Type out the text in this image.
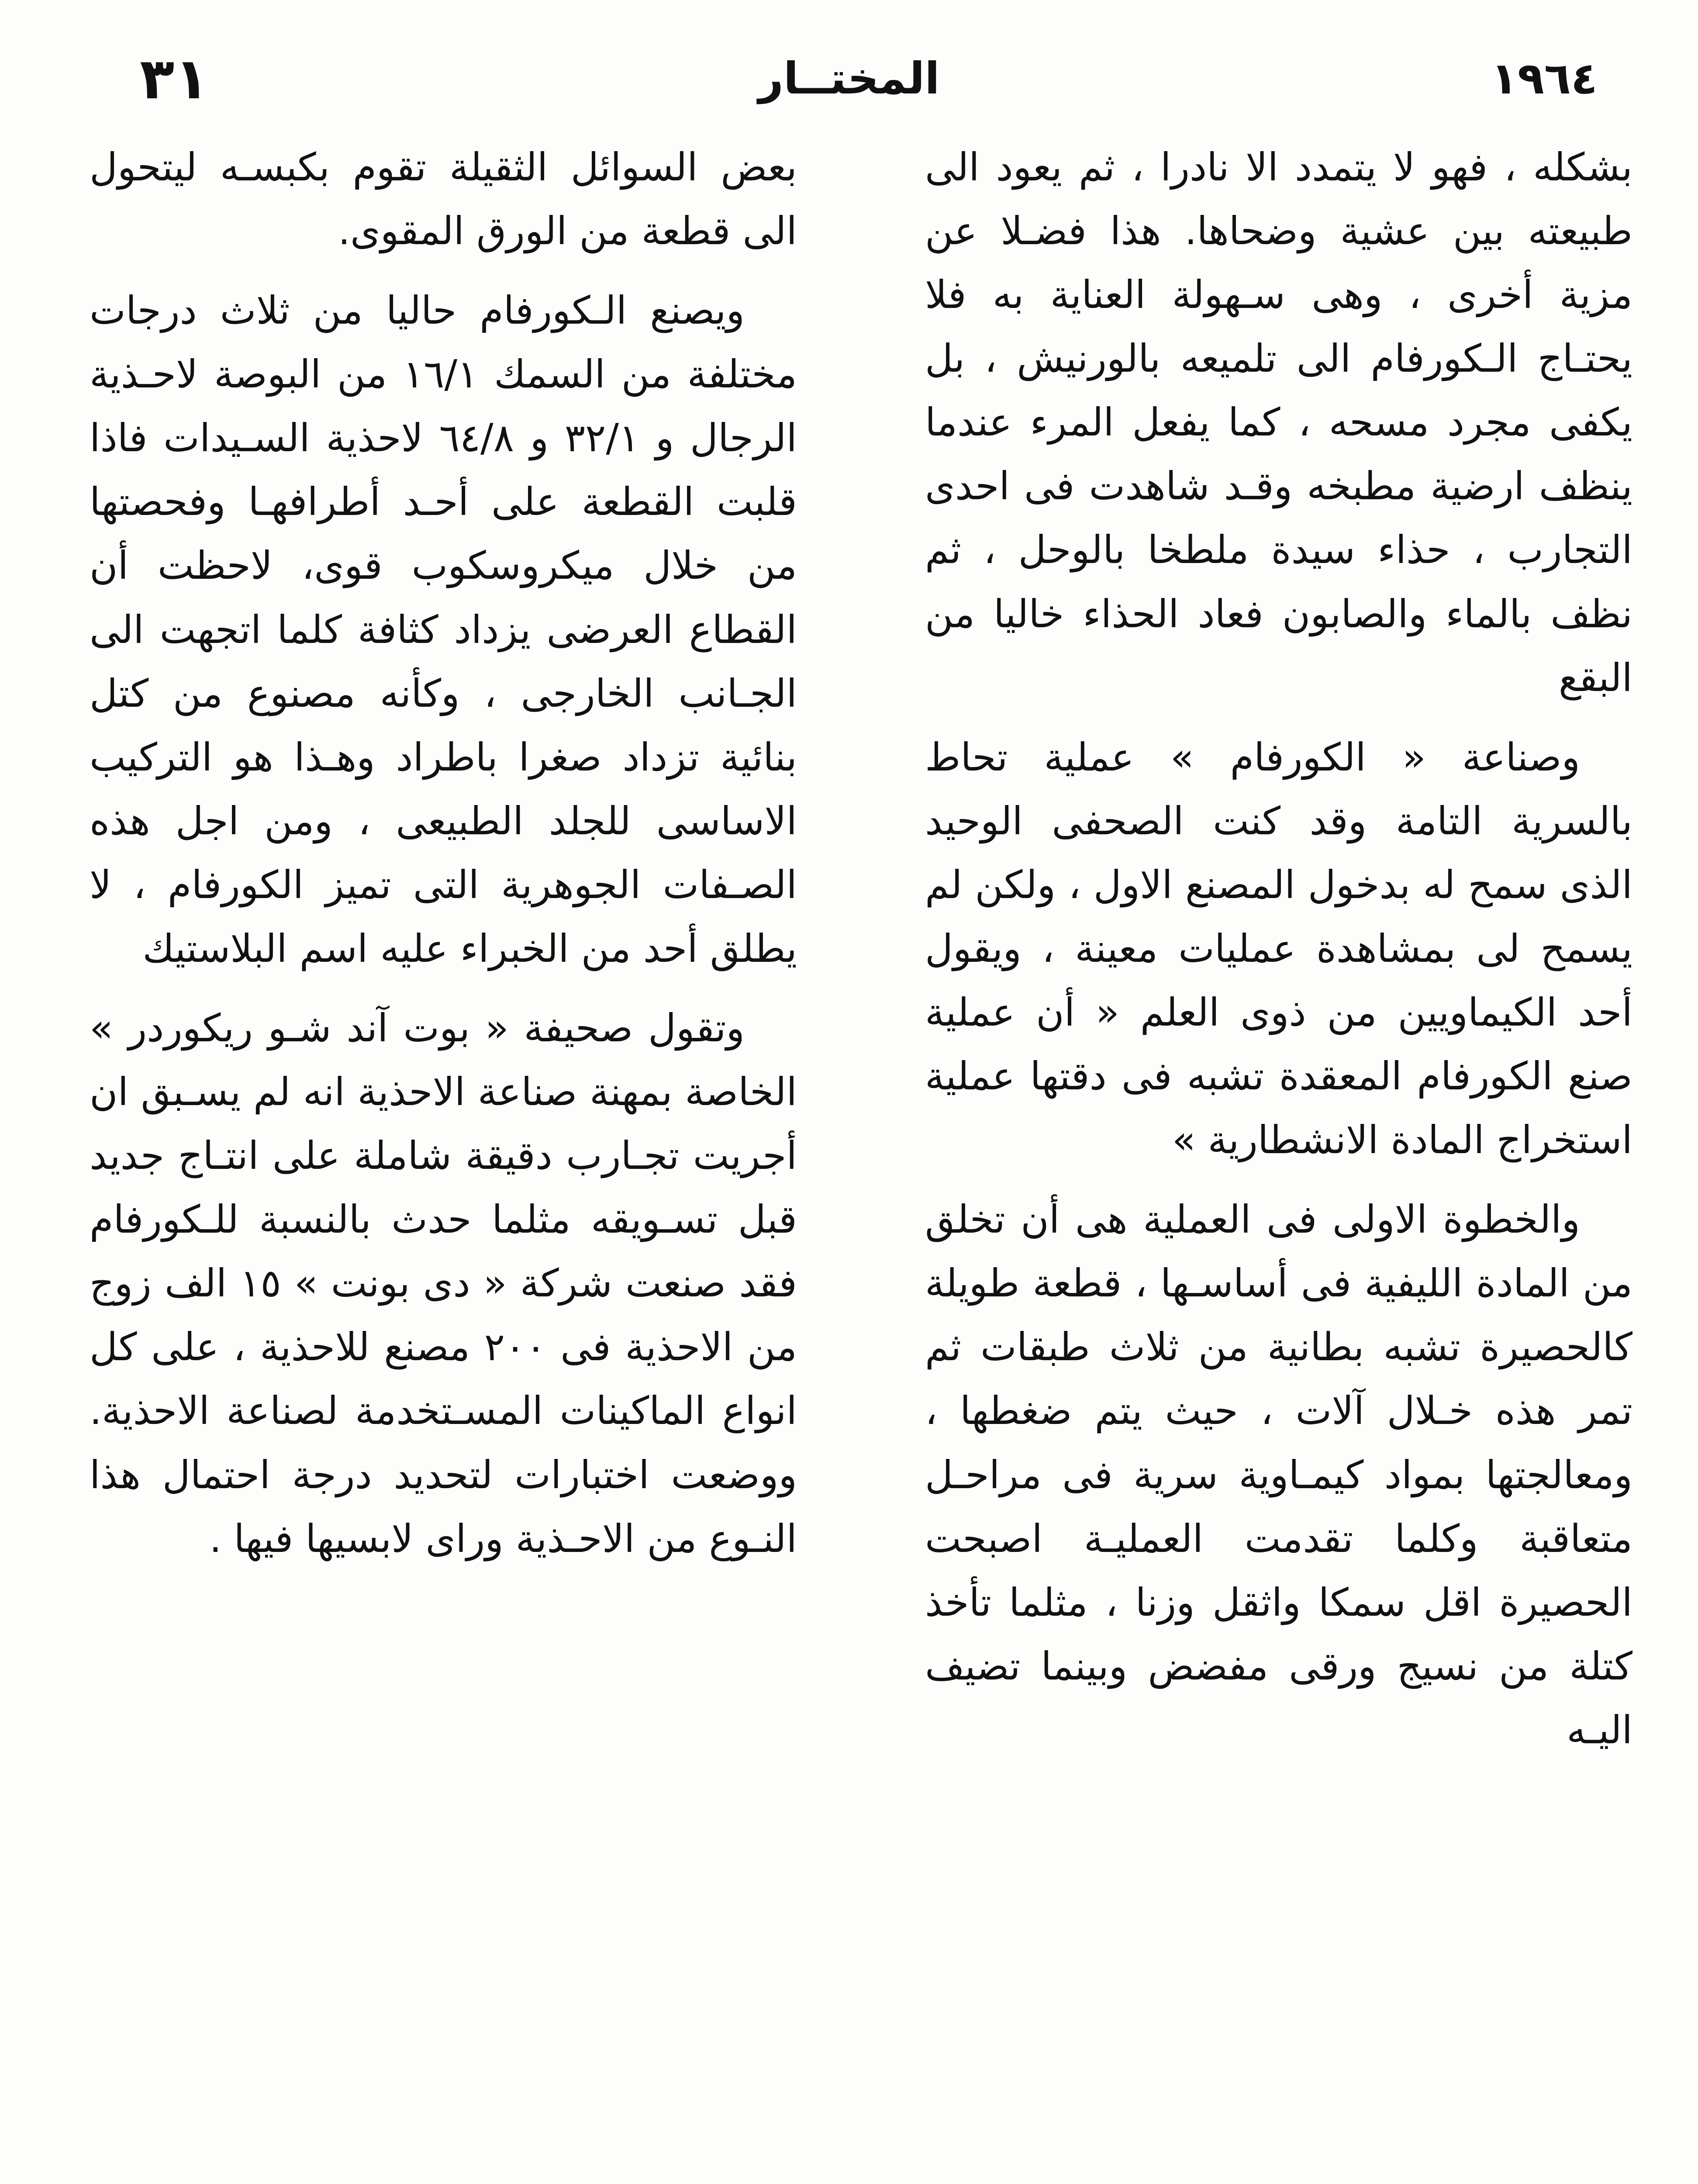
٣١	المختــار	١٩٦٤

بشكله ، فهو لا يتمدد الا نادرا ، ثم يعود الى طبيعته بين عشية وضحاها. هذا فضـلا عن مزية أخرى ، وهى سـهولة العناية به فلا يحتـاج الـكورفام الى تلميعه بالورنيش ، بل يكفى مجرد مسحه ، كما يفعل المرء عندما ينظف ارضية مطبخه وقـد شاهدت فى احدى التجارب ، حذاء سيدة ملطخا بالوحل ، ثم نظف بالماء والصابون فعاد الحذاء خاليا من البقع

وصناعة « الكورفام » عملية تحاط بالسرية التامة وقد كنت الصحفى الوحيد الذى سمح له بدخول المصنع الاول ، ولكن لم يسمح لى بمشاهدة عمليات معينة ، ويقول أحد الكيماويين من ذوى العلم « أن عملية صنع الكورفام المعقدة تشبه فى دقتها عملية استخراج المادة الانشطارية »

والخطوة الاولى فى العملية هى أن تخلق من المادة الليفية فى أساسـها ، قطعة طويلة كالحصيرة تشبه بطانية من ثلاث طبقات ثم تمر هذه خـلال آلات ، حيث يتم ضغطها ، ومعالجتها بمواد كيمـاوية سرية فى مراحـل متعاقبة وكلما تقدمت العمليـة اصبحت الحصيرة اقل سمكا واثقل وزنا ، مثلما تأخذ كتلة من نسيج ورقى مفضض وبينما تضيف اليـه

بعض السوائل الثقيلة تقوم بكبسـه ليتحول الى قطعة من الورق المقوى.

ويصنع الـكورفام حاليا من ثلاث درجات مختلفة من السمك ١٦/١ من البوصة لاحـذية الرجال و ٣٢/١ و ٦٤/٨ لاحذية السـيدات فاذا قلبت القطعة على أحـد أطرافهـا وفحصتها من خلال ميكروسكوب قوى، لاحظت أن القطاع العرضى يزداد كثافة كلما اتجهت الى الجـانب الخارجى ، وكأنه مصنوع من كتل بنائية تزداد صغرا باطراد وهـذا هو التركيب الاساسى للجلد الطبيعى ، ومن اجل هذه الصـفات الجوهرية التى تميز الكورفام ، لا يطلق أحد من الخبراء عليه اسم البلاستيك

وتقول صحيفة « بوت آند شـو ريكوردر » الخاصة بمهنة صناعة الاحذية انه لم يسـبق ان أجريت تجـارب دقيقة شاملة على انتـاج جديد قبل تسـويقه مثلما حدث بالنسبة للـكورفام فقد صنعت شركة « دى بونت » ١٥ الف زوج من الاحذية فى ٢٠٠ مصنع للاحذية ، على كل انواع الماكينات المسـتخدمة لصناعة الاحذية. ووضعت اختبارات لتحديد درجة احتمال هذا النـوع من الاحـذية وراى لابسيها فيها .
